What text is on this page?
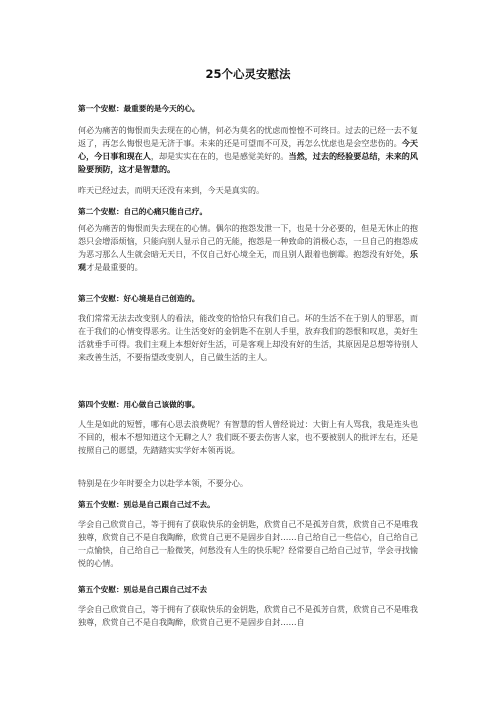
25个心灵安慰法
第一个安慰：最重要的是今天的心。

何必为痛苦的悔恨而失去现在的心情，何必为莫名的忧虑而惶惶不可终日。过去的已经一去不复返了，再怎么悔恨也是无济于事。未来的还是可望而不可及，再怎么忧虑也是会空悲伤的。今天心，今日事和现在人，却是实实在在的，也是感觉美好的。当然，过去的经验要总结，未来的风险要预防，这才是智慧的。

昨天已经过去，而明天还没有来到，今天是真实的。

第二个安慰：自己的心痛只能自己疗。

何必为痛苦的悔恨而失去现在的心情。偶尔的抱怨发泄一下，也是十分必要的，但是无休止的抱怨只会增添烦恼，只能向别人显示自己的无能，抱怨是一种致命的消极心态，一旦自己的抱怨成为恶习那么人生就会暗无天日，不仅自己好心境全无，而且别人跟着也倒霉。抱怨没有好处，乐观才是最重要的。

第三个安慰：好心境是自己创造的。

我们常常无法去改变别人的看法，能改变的恰恰只有我们自己。坏的生活不在于别人的罪恶，而在于我们的心情变得恶劣。让生活变好的金钥匙不在别人手里，放弃我们的怨恨和叹息，美好生活就垂手可得。我们主观上本想好好生活，可是客观上却没有好的生活，其原因是总想等待别人来改善生活，不要指望改变别人，自己做生活的主人。

第四个安慰：用心做自己该做的事。

人生是如此的短暂，哪有心思去浪费呢？有智慧的哲人曾经说过：大街上有人骂我，我是连头也不回的，根本不想知道这个无聊之人？我们既不要去伤害人家，也不要被别人的批评左右，还是按照自己的愿望，先踏踏实实学好本领再说。

特别是在少年时要全力以赴学本领，不要分心。

第五个安慰：别总是自己跟自己过不去。

学会自己欣赏自己，等于拥有了获取快乐的金钥匙，欣赏自己不是孤芳自赏，欣赏自己不是唯我独尊，欣赏自己不是自我陶醉，欣赏自己更不是固步自封……自己给自己一些信心，自己给自己一点愉快，自己给自己一脸微笑，何愁没有人生的快乐呢？经常要自己给自己过节，学会寻找愉悦的心情。

第五个安慰：别总是自己跟自己过不去

学会自己欣赏自己，等于拥有了获取快乐的金钥匙，欣赏自己不是孤芳自赏，欣赏自己不是唯我独尊，欣赏自己不是自我陶醉，欣赏自己更不是固步自封……自
